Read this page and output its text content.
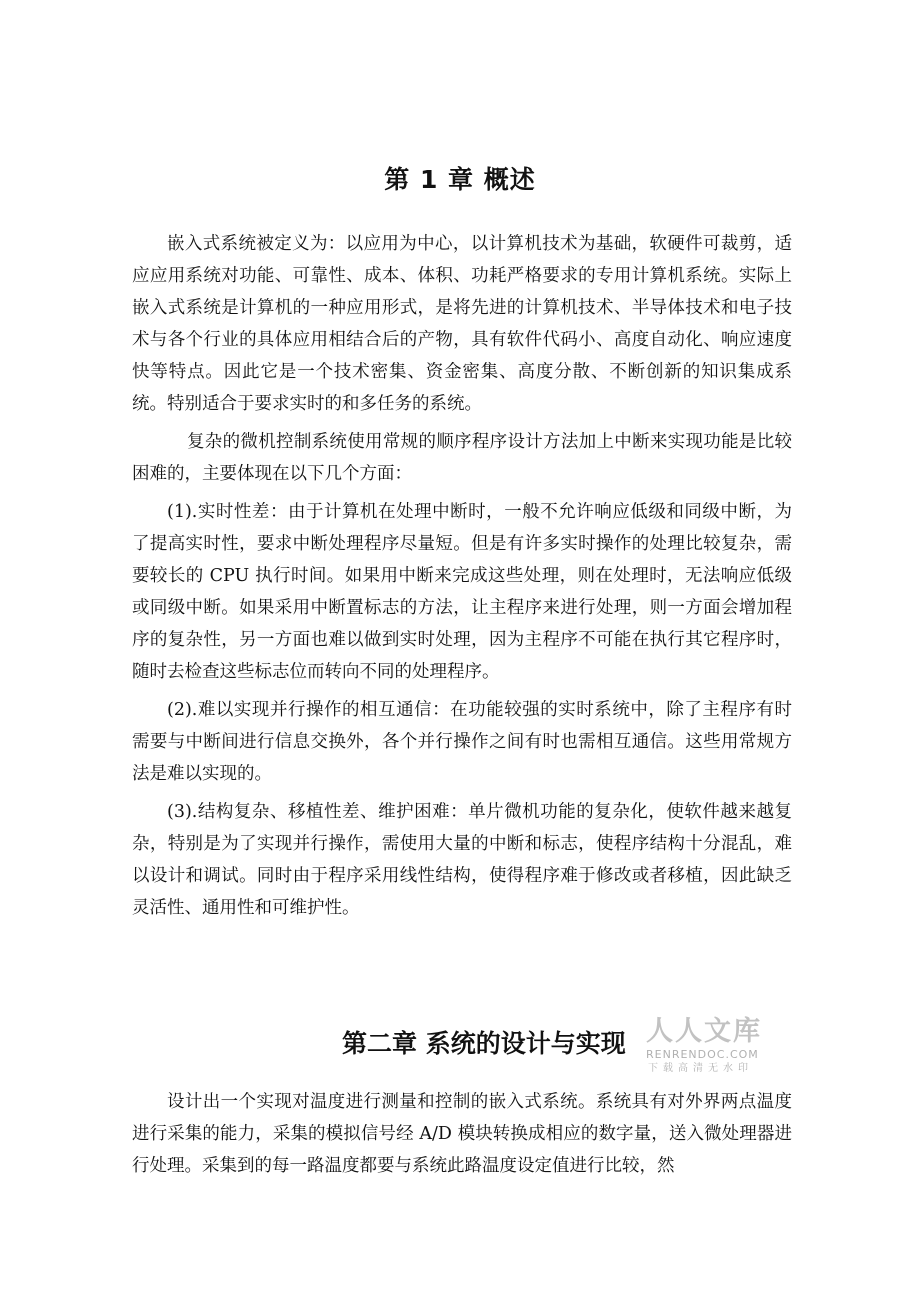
第 1 章 概述

嵌入式系统被定义为：以应用为中心，以计算机技术为基础，软硬件可裁剪，适应应用系统对功能、可靠性、成本、体积、功耗严格要求的专用计算机系统。实际上嵌入式系统是计算机的一种应用形式，是将先进的计算机技术、半导体技术和电子技术与各个行业的具体应用相结合后的产物，具有软件代码小、高度自动化、响应速度快等特点。因此它是一个技术密集、资金密集、高度分散、不断创新的知识集成系统。特别适合于要求实时的和多任务的系统。

复杂的微机控制系统使用常规的顺序程序设计方法加上中断来实现功能是比较困难的，主要体现在以下几个方面：

(1).实时性差：由于计算机在处理中断时，一般不允许响应低级和同级中断，为了提高实时性，要求中断处理程序尽量短。但是有许多实时操作的处理比较复杂，需要较长的 CPU 执行时间。如果用中断来完成这些处理，则在处理时，无法响应低级或同级中断。如果采用中断置标志的方法，让主程序来进行处理，则一方面会增加程序的复杂性，另一方面也难以做到实时处理，因为主程序不可能在执行其它程序时，随时去检查这些标志位而转向不同的处理程序。

(2).难以实现并行操作的相互通信：在功能较强的实时系统中，除了主程序有时需要与中断间进行信息交换外，各个并行操作之间有时也需相互通信。这些用常规方法是难以实现的。

(3).结构复杂、移植性差、维护困难：单片微机功能的复杂化，使软件越来越复杂，特别是为了实现并行操作，需使用大量的中断和标志，使程序结构十分混乱，难以设计和调试。同时由于程序采用线性结构，使得程序难于修改或者移植，因此缺乏灵活性、通用性和可维护性。

第二章 系统的设计与实现 人人文库
RENRENDOC.COM
下载高清无水印

设计出一个实现对温度进行测量和控制的嵌入式系统。系统具有对外界两点温度进行采集的能力，采集的模拟信号经 A/D 模块转换成相应的数字量，送入微处理器进行处理。采集到的每一路温度都要与系统此路温度设定值进行比较，然
